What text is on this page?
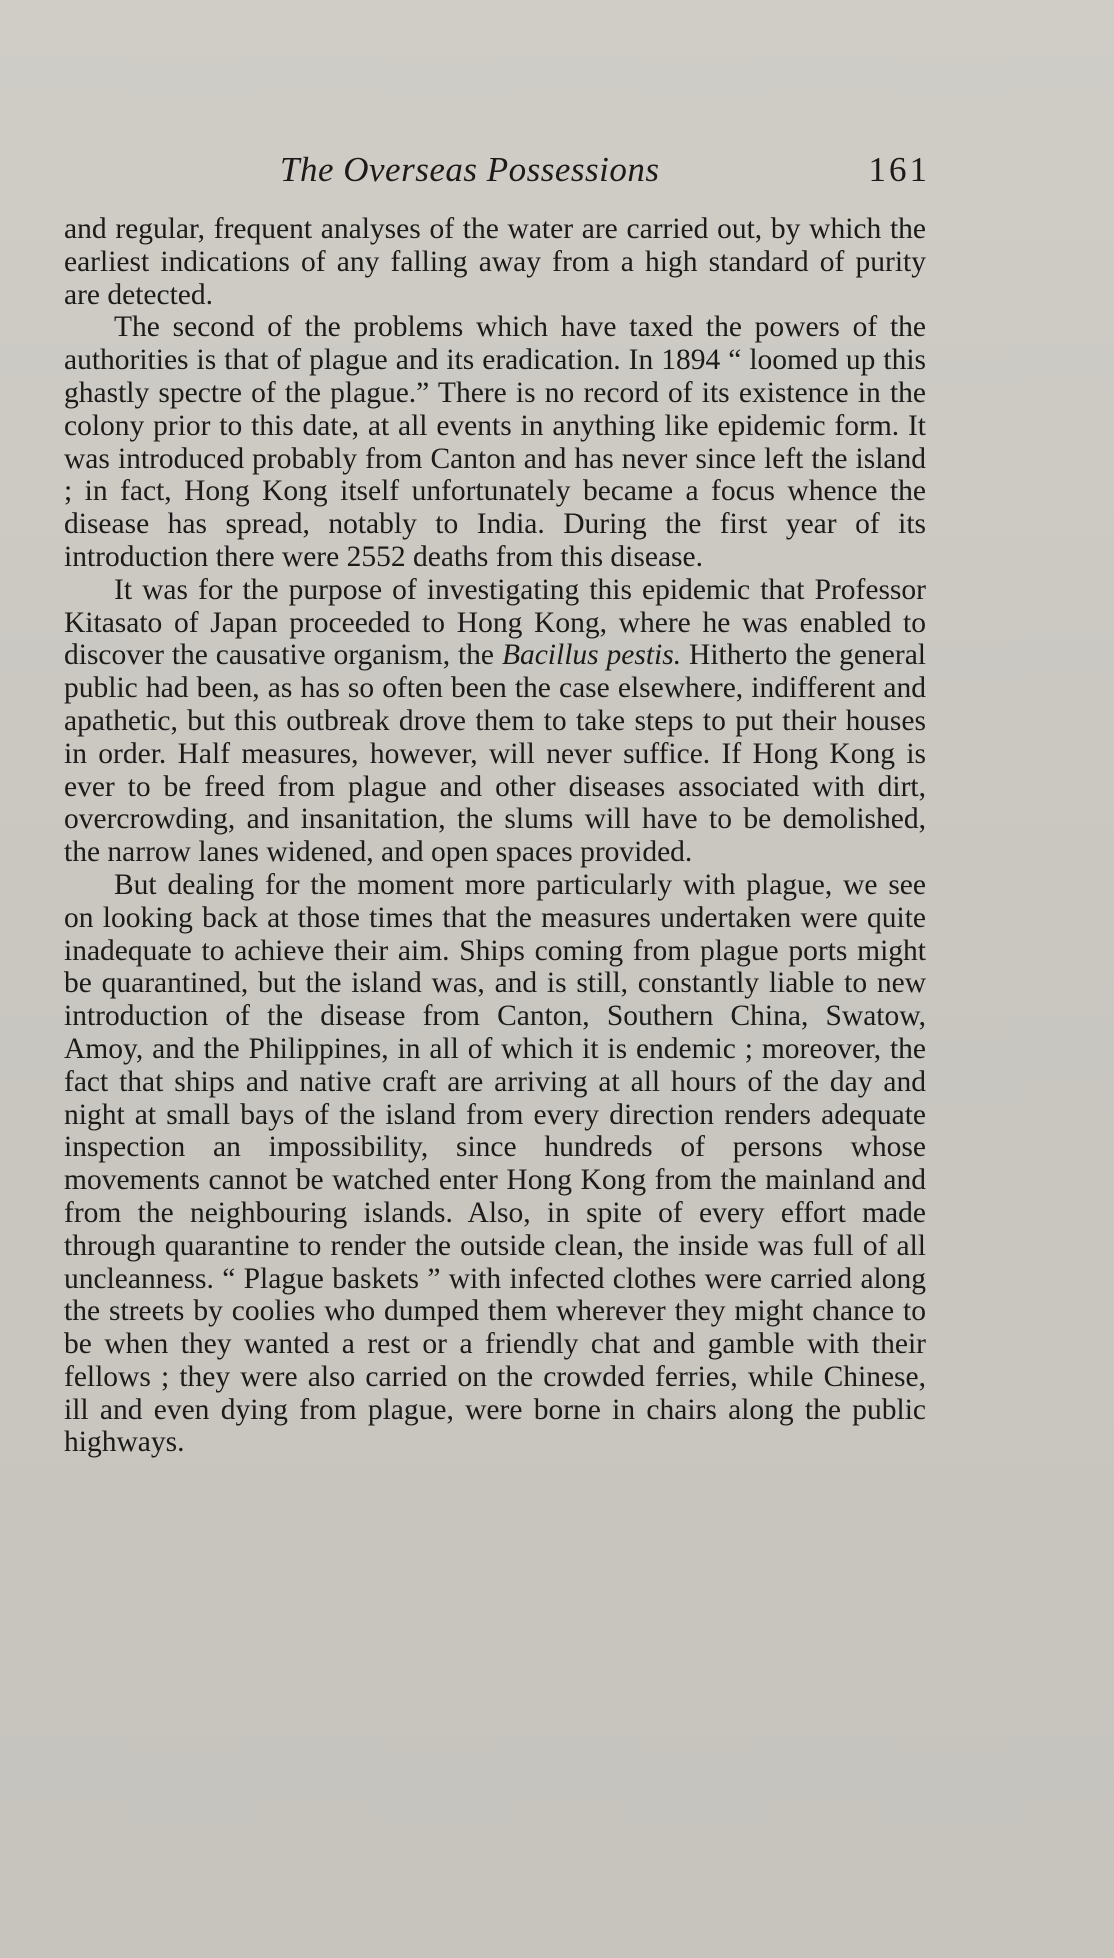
The Overseas Possessions	161

and regular, frequent analyses of the water are carried out, by which the earliest indications of any falling away from a high standard of purity are detected.

The second of the problems which have taxed the powers of the authorities is that of plague and its eradication. In 1894 “ loomed up this ghastly spectre of the plague.” There is no record of its existence in the colony prior to this date, at all events in anything like epidemic form. It was introduced probably from Canton and has never since left the island ; in fact, Hong Kong itself unfortunately became a focus whence the disease has spread, notably to India. During the first year of its introduction there were 2552 deaths from this disease.

It was for the purpose of investigating this epidemic that Professor Kitasato of Japan proceeded to Hong Kong, where he was enabled to discover the causative organism, the Bacillus pestis. Hitherto the general public had been, as has so often been the case elsewhere, indifferent and apathetic, but this outbreak drove them to take steps to put their houses in order. Half measures, however, will never suffice. If Hong Kong is ever to be freed from plague and other diseases associated with dirt, overcrowding, and insanitation, the slums will have to be demolished, the narrow lanes widened, and open spaces provided.

But dealing for the moment more particularly with plague, we see on looking back at those times that the measures undertaken were quite inadequate to achieve their aim. Ships coming from plague ports might be quarantined, but the island was, and is still, constantly liable to new introduction of the disease from Canton, Southern China, Swatow, Amoy, and the Philippines, in all of which it is endemic ; moreover, the fact that ships and native craft are arriving at all hours of the day and night at small bays of the island from every direction renders adequate inspection an impossibility, since hundreds of persons whose movements cannot be watched enter Hong Kong from the mainland and from the neighbouring islands. Also, in spite of every effort made through quarantine to render the outside clean, the inside was full of all uncleanness. “ Plague baskets ” with infected clothes were carried along the streets by coolies who dumped them wherever they might chance to be when they wanted a rest or a friendly chat and gamble with their fellows ; they were also carried on the crowded ferries, while Chinese, ill and even dying from plague, were borne in chairs along the public highways.
